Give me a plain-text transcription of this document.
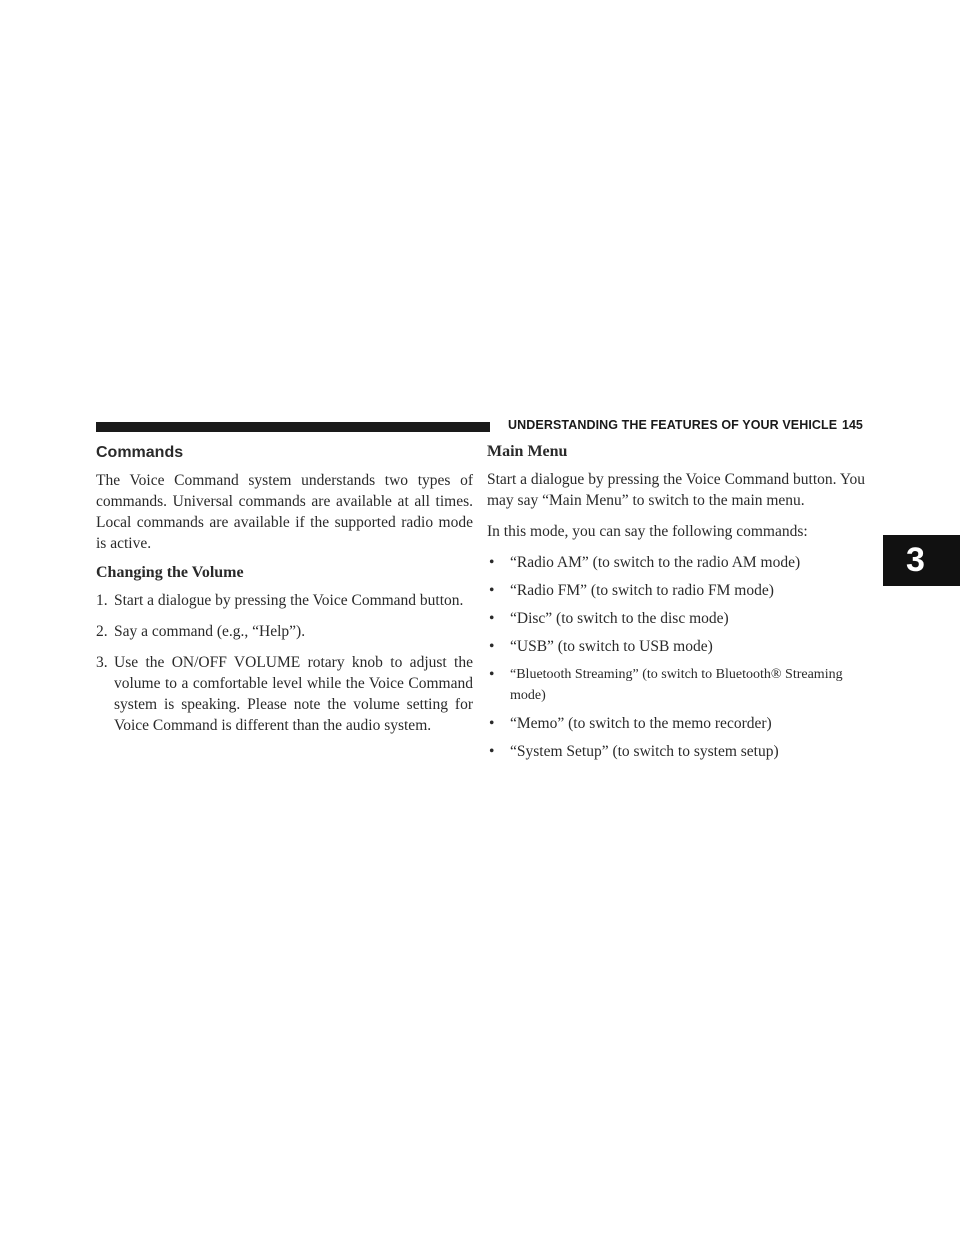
UNDERSTANDING THE FEATURES OF YOUR VEHICLE 145
3
Commands

The Voice Command system understands two types of commands. Universal commands are available at all times. Local commands are available if the supported radio mode is active.

Changing the Volume
1. Start a dialogue by pressing the Voice Command button.
2. Say a command (e.g., “Help”).
3. Use the ON/OFF VOLUME rotary knob to adjust the volume to a comfortable level while the Voice Command system is speaking. Please note the volume setting for Voice Command is different than the audio system.
Main Menu

Start a dialogue by pressing the Voice Command button. You may say “Main Menu” to switch to the main menu.

In this mode, you can say the following commands:

•	“Radio AM” (to switch to the radio AM mode)
•	“Radio FM” (to switch to radio FM mode)
•	“Disc” (to switch to the disc mode)
•	“USB” (to switch to USB mode)
•	“Bluetooth Streaming” (to switch to Bluetooth® Streaming mode)
•	“Memo” (to switch to the memo recorder)
•	“System Setup” (to switch to system setup)
